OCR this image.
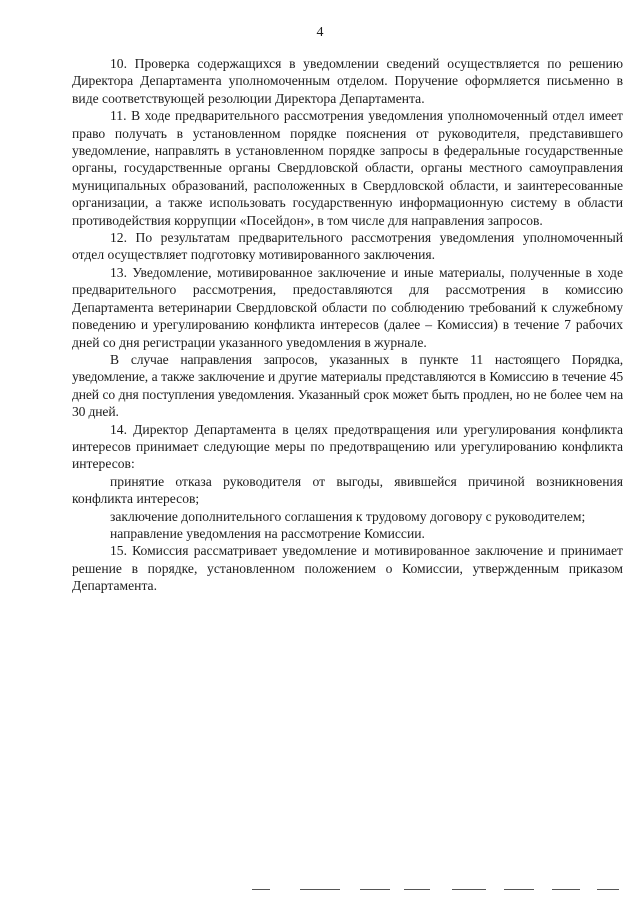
4

10. Проверка содержащихся в уведомлении сведений осуществляется по решению Директора Департамента уполномоченным отделом. Поручение оформляется письменно в виде соответствующей резолюции Директора Департамента.

11. В ходе предварительного рассмотрения уведомления уполномоченный отдел имеет право получать в установленном порядке пояснения от руководителя, представившего уведомление, направлять в установленном порядке запросы в федеральные государственные органы, государственные органы Свердловской области, органы местного самоуправления муниципальных образований, расположенных в Свердловской области, и заинтересованные организации, а также использовать государственную информационную систему в области противодействия коррупции «Посейдон», в том числе для направления запросов.

12. По результатам предварительного рассмотрения уведомления уполномоченный отдел осуществляет подготовку мотивированного заключения.

13. Уведомление, мотивированное заключение и иные материалы, полученные в ходе предварительного рассмотрения, предоставляются для рассмотрения в комиссию Департамента ветеринарии Свердловской области по соблюдению требований к служебному поведению и урегулированию конфликта интересов (далее – Комиссия) в течение 7 рабочих дней со дня регистрации указанного уведомления в журнале.

В случае направления запросов, указанных в пункте 11 настоящего Порядка, уведомление, а также заключение и другие материалы представляются в Комиссию в течение 45 дней со дня поступления уведомления. Указанный срок может быть продлен, но не более чем на 30 дней.

14. Директор Департамента в целях предотвращения или урегулирования конфликта интересов принимает следующие меры по предотвращению или урегулированию конфликта интересов:

принятие отказа руководителя от выгоды, явившейся причиной возникновения конфликта интересов;

заключение дополнительного соглашения к трудовому договору с руководителем;

направление уведомления на рассмотрение Комиссии.

15. Комиссия рассматривает уведомление и мотивированное заключение и принимает решение в порядке, установленном положением о Комиссии, утвержденным приказом Департамента.
